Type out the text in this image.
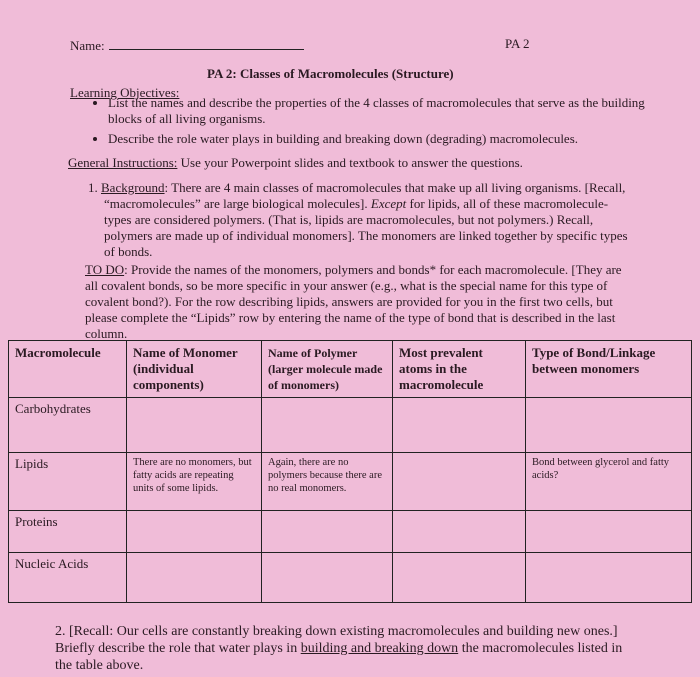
Name:	PA 2
PA 2: Classes of Macromolecules (Structure)
Learning Objectives:
• List the names and describe the properties of the 4 classes of macromolecules that serve as the building blocks of all living organisms.
• Describe the role water plays in building and breaking down (degrading) macromolecules.
General Instructions: Use your Powerpoint slides and textbook to answer the questions.
1. Background: There are 4 main classes of macromolecules that make up all living organisms. [Recall, “macromolecules” are large biological molecules]. Except for lipids, all of these macromolecule-types are considered polymers. (That is, lipids are macromolecules, but not polymers.) Recall, polymers are made up of individual monomers]. The monomers are linked together by specific types of bonds.
TO DO: Provide the names of the monomers, polymers and bonds* for each macromolecule. [They are all covalent bonds, so be more specific in your answer (e.g., what is the special name for this type of covalent bond?). For the row describing lipids, answers are provided for you in the first two cells, but please complete the “Lipids” row by entering the name of the type of bond that is described in the last column.
Macromolecule	Name of Monomer (individual components)	Name of Polymer (larger molecule made of monomers)	Most prevalent atoms in the macromolecule	Type of Bond/Linkage between monomers
Carbohydrates				
Lipids	There are no monomers, but fatty acids are repeating units of some lipids.	Again, there are no polymers because there are no real monomers.		Bond between glycerol and fatty acids?
Proteins				
Nucleic Acids				
2. [Recall: Our cells are constantly breaking down existing macromolecules and building new ones.] Briefly describe the role that water plays in building and breaking down the macromolecules listed in the table above.
